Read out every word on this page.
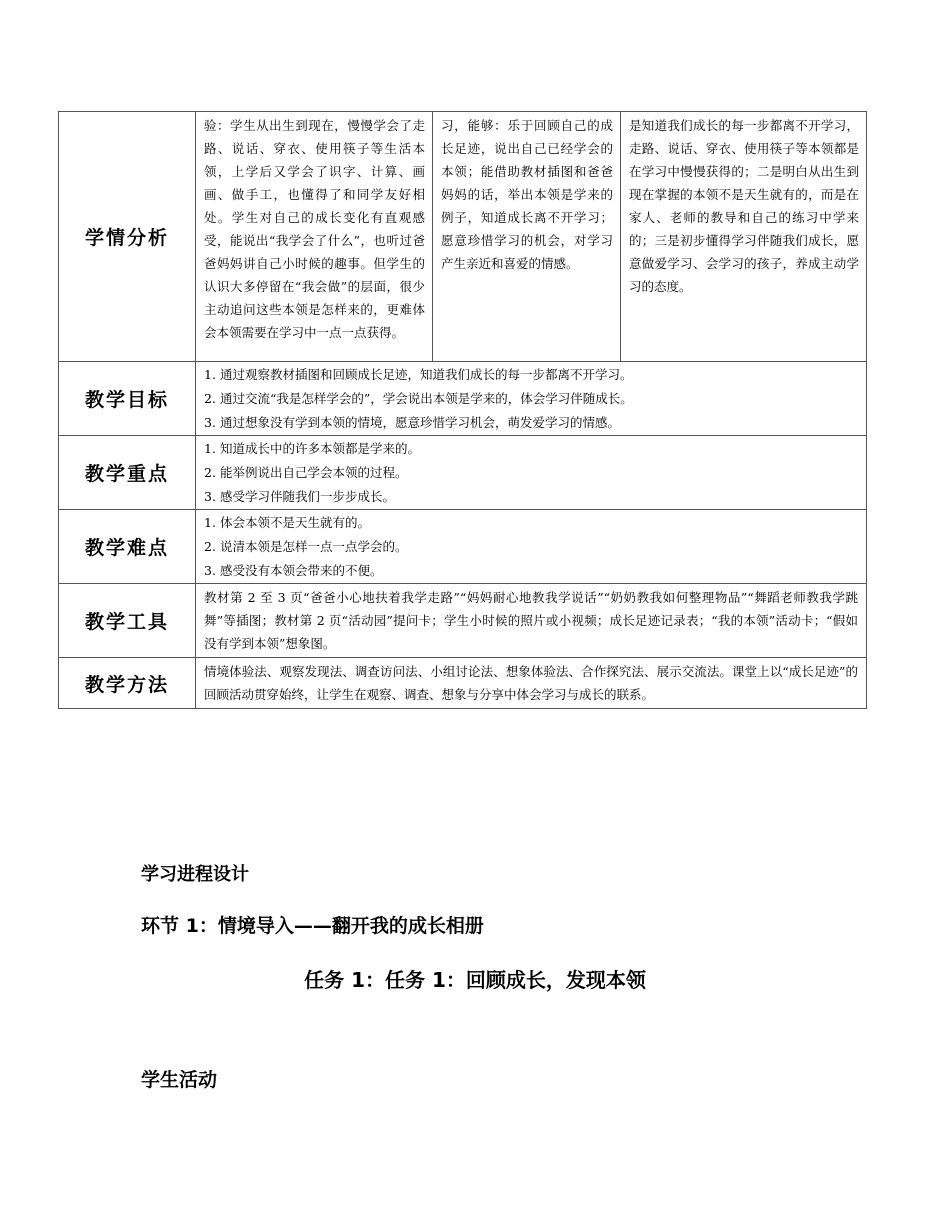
学情分析	验：学生从出生到现在，慢慢学会了走路、说话、穿衣、使用筷子等生活本领，上学后又学会了识字、计算、画画、做手工，也懂得了和同学友好相处。学生对自己的成长变化有直观感受，能说出“我学会了什么”，也听过爸爸妈妈讲自己小时候的趣事。但学生的认识大多停留在“我会做”的层面，很少主动追问这些本领是怎样来的，更难体会本领需要在学习中一点一点获得。	习，能够：乐于回顾自己的成长足迹，说出自己已经学会的本领；能借助教材插图和爸爸妈妈的话，举出本领是学来的例子，知道成长离不开学习；愿意珍惜学习的机会，对学习产生亲近和喜爱的情感。	是知道我们成长的每一步都离不开学习，走路、说话、穿衣、使用筷子等本领都是在学习中慢慢获得的；二是明白从出生到现在掌握的本领不是天生就有的，而是在家人、老师的教导和自己的练习中学来的；三是初步懂得学习伴随我们成长，愿意做爱学习、会学习的孩子，养成主动学习的态度。

教学目标	1. 通过观察教材插图和回顾成长足迹，知道我们成长的每一步都离不开学习。
2. 通过交流“我是怎样学会的”，学会说出本领是学来的，体会学习伴随成长。
3. 通过想象没有学到本领的情境，愿意珍惜学习机会，萌发爱学习的情感。		

教学重点	1. 知道成长中的许多本领都是学来的。
2. 能举例说出自己学会本领的过程。
3. 感受学习伴随我们一步步成长。		

教学难点	1. 体会本领不是天生就有的。
2. 说清本领是怎样一点一点学会的。
3. 感受没有本领会带来的不便。		

教学工具	教材第 2 至 3 页“爸爸小心地扶着我学走路”“妈妈耐心地教我学说话”“奶奶教我如何整理物品”“舞蹈老师教我学跳舞”等插图；教材第 2 页“活动园”提问卡；学生小时候的照片或小视频；成长足迹记录表；“我的本领”活动卡；“假如没有学到本领”想象图。		

教学方法	情境体验法、观察发现法、调查访问法、小组讨论法、想象体验法、合作探究法、展示交流法。课堂上以“成长足迹”的回顾活动贯穿始终，让学生在观察、调查、想象与分享中体会学习与成长的联系。		
学习进程设计
环节 1：情境导入——翻开我的成长相册
任务 1：任务 1：回顾成长，发现本领
学生活动
